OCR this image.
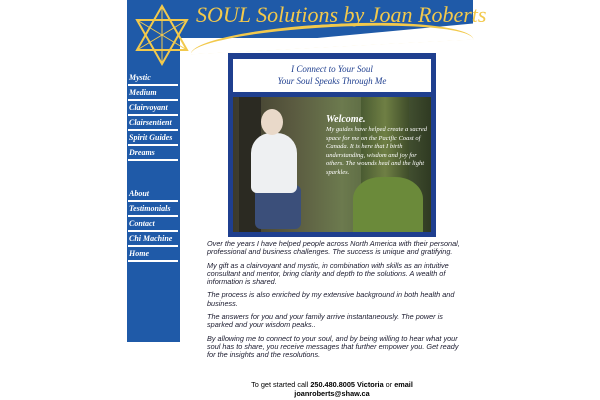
SOUL Solutions by Joan Roberts
Mystic
Medium
Clairvoyant
Clairsentient
Spirit Guides
Dreams
About
Testimonials
Contact
Chi Machine
Home
I Connect to Your Soul
Your Soul Speaks Through Me
Welcome.
My guides have helped create a sacred space for me on the Pacific Coast of Canada. It is here that I birth understanding, wisdom and joy for others. The wounds heal and the light sparkles.

Over the years I have helped people across North America with their personal, professional and business challenges. The success is unique and gratifying.

My gift as a clairvoyant and mystic, in combination with skills as an intuitive consultant and mentor, bring clarity and depth to the solutions. A wealth of information is shared.

The process is also enriched by my extensive background in both health and business.

The answers for you and your family arrive instantaneously. The power is sparked and your wisdom peaks..

By allowing me to connect to your soul, and by being willing to hear what your soul has to share, you receive messages that further empower you. Get ready for the insights and the resolutions.

To get started call 250.480.8005 Victoria or email
joanroberts@shaw.ca
